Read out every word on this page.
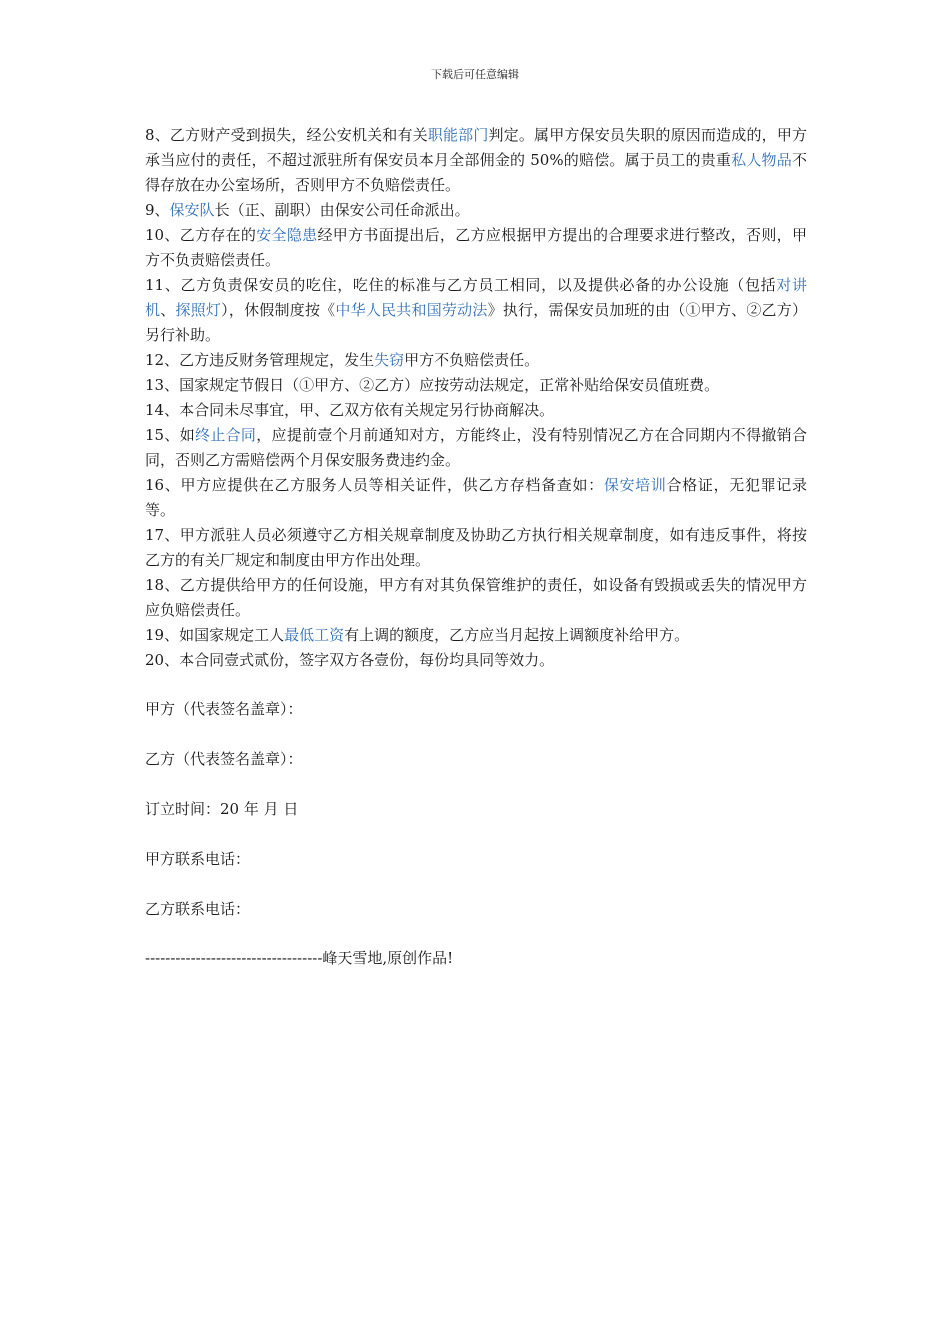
下载后可任意编辑

8、乙方财产受到损失，经公安机关和有关职能部门判定。属甲方保安员失职的原因而造成的，甲方承当应付的责任，不超过派驻所有保安员本月全部佣金的 50%的赔偿。属于员工的贵重私人物品不得存放在办公室场所，否则甲方不负赔偿责任。

9、保安队长（正、副职）由保安公司任命派出。

10、乙方存在的安全隐患经甲方书面提出后，乙方应根据甲方提出的合理要求进行整改，否则，甲方不负责赔偿责任。

11、乙方负责保安员的吃住，吃住的标准与乙方员工相同，以及提供必备的办公设施（包括对讲机、探照灯），休假制度按《中华人民共和国劳动法》执行，需保安员加班的由（①甲方、②乙方）另行补助。

12、乙方违反财务管理规定，发生失窃甲方不负赔偿责任。

13、国家规定节假日（①甲方、②乙方）应按劳动法规定，正常补贴给保安员值班费。

14、本合同未尽事宜，甲、乙双方依有关规定另行协商解决。

15、如终止合同，应提前壹个月前通知对方，方能终止，没有特别情况乙方在合同期内不得撤销合同，否则乙方需赔偿两个月保安服务费违约金。

16、甲方应提供在乙方服务人员等相关证件，供乙方存档备查如：保安培训合格证，无犯罪记录等。

17、甲方派驻人员必须遵守乙方相关规章制度及协助乙方执行相关规章制度，如有违反事件，将按乙方的有关厂规定和制度由甲方作出处理。

18、乙方提供给甲方的任何设施，甲方有对其负保管维护的责任，如设备有毁损或丢失的情况甲方应负赔偿责任。

19、如国家规定工人最低工资有上调的额度，乙方应当月起按上调额度补给甲方。

20、本合同壹式贰份，签字双方各壹份，每份均具同等效力。

甲方（代表签名盖章）：
乙方（代表签名盖章）：
订立时间：20 年 月 日
甲方联系电话：
乙方联系电话：
-----------------------------------峰天雪地,原创作品!
